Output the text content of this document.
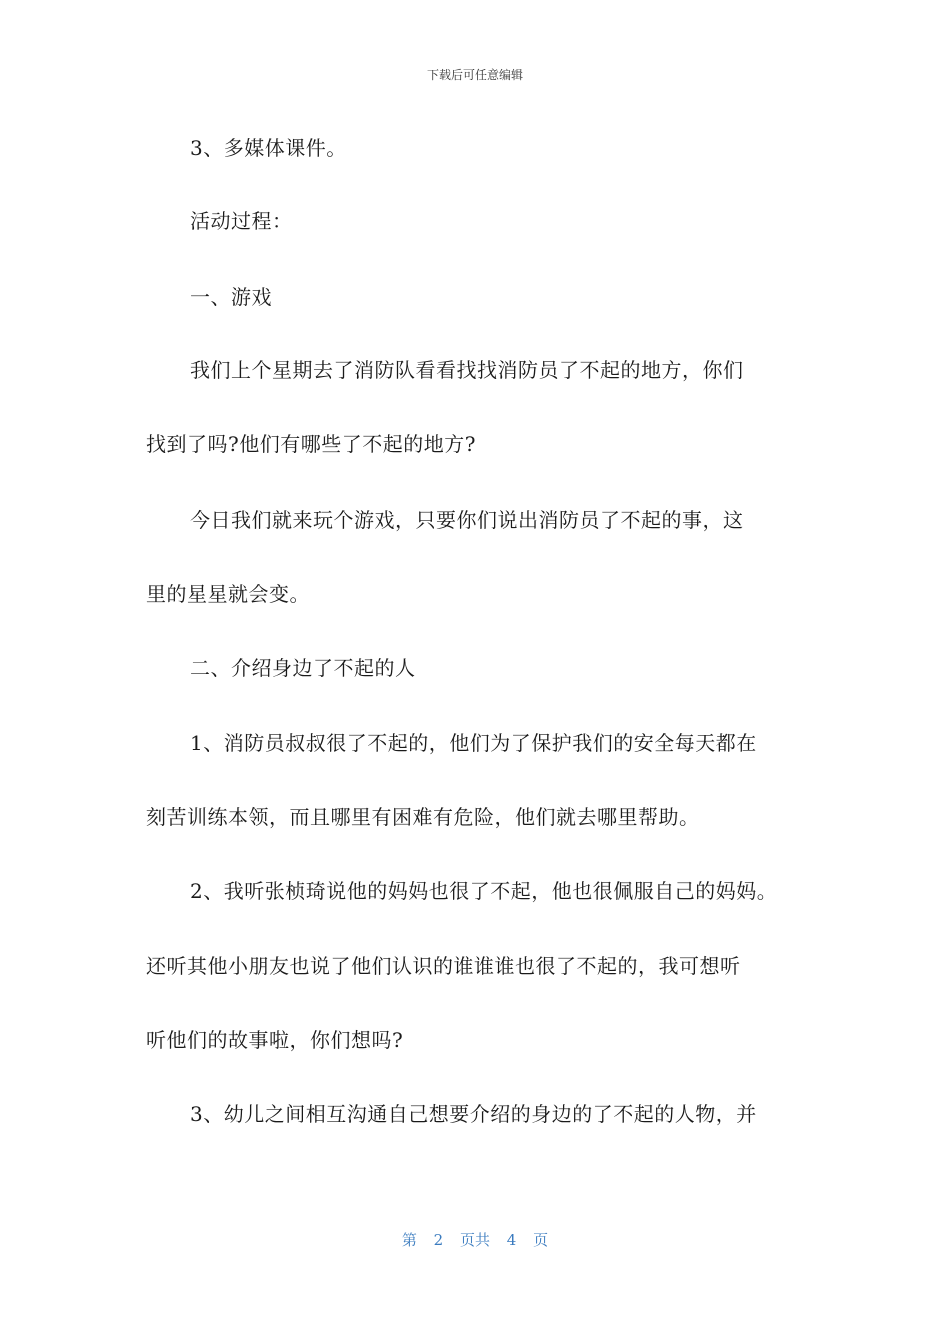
下载后可任意编辑
3、多媒体课件。
活动过程：
一、游戏
我们上个星期去了消防队看看找找消防员了不起的地方，你们
找到了吗?他们有哪些了不起的地方?
今日我们就来玩个游戏，只要你们说出消防员了不起的事，这
里的星星就会变。
二、介绍身边了不起的人
1、消防员叔叔很了不起的，他们为了保护我们的安全每天都在
刻苦训练本领，而且哪里有困难有危险，他们就去哪里帮助。
2、我听张桢琦说他的妈妈也很了不起，他也很佩服自己的妈妈。
还听其他小朋友也说了他们认识的谁谁谁也很了不起的，我可想听
听他们的故事啦，你们想吗?
3、幼儿之间相互沟通自己想要介绍的身边的了不起的人物，并
第 2 页共 4 页
